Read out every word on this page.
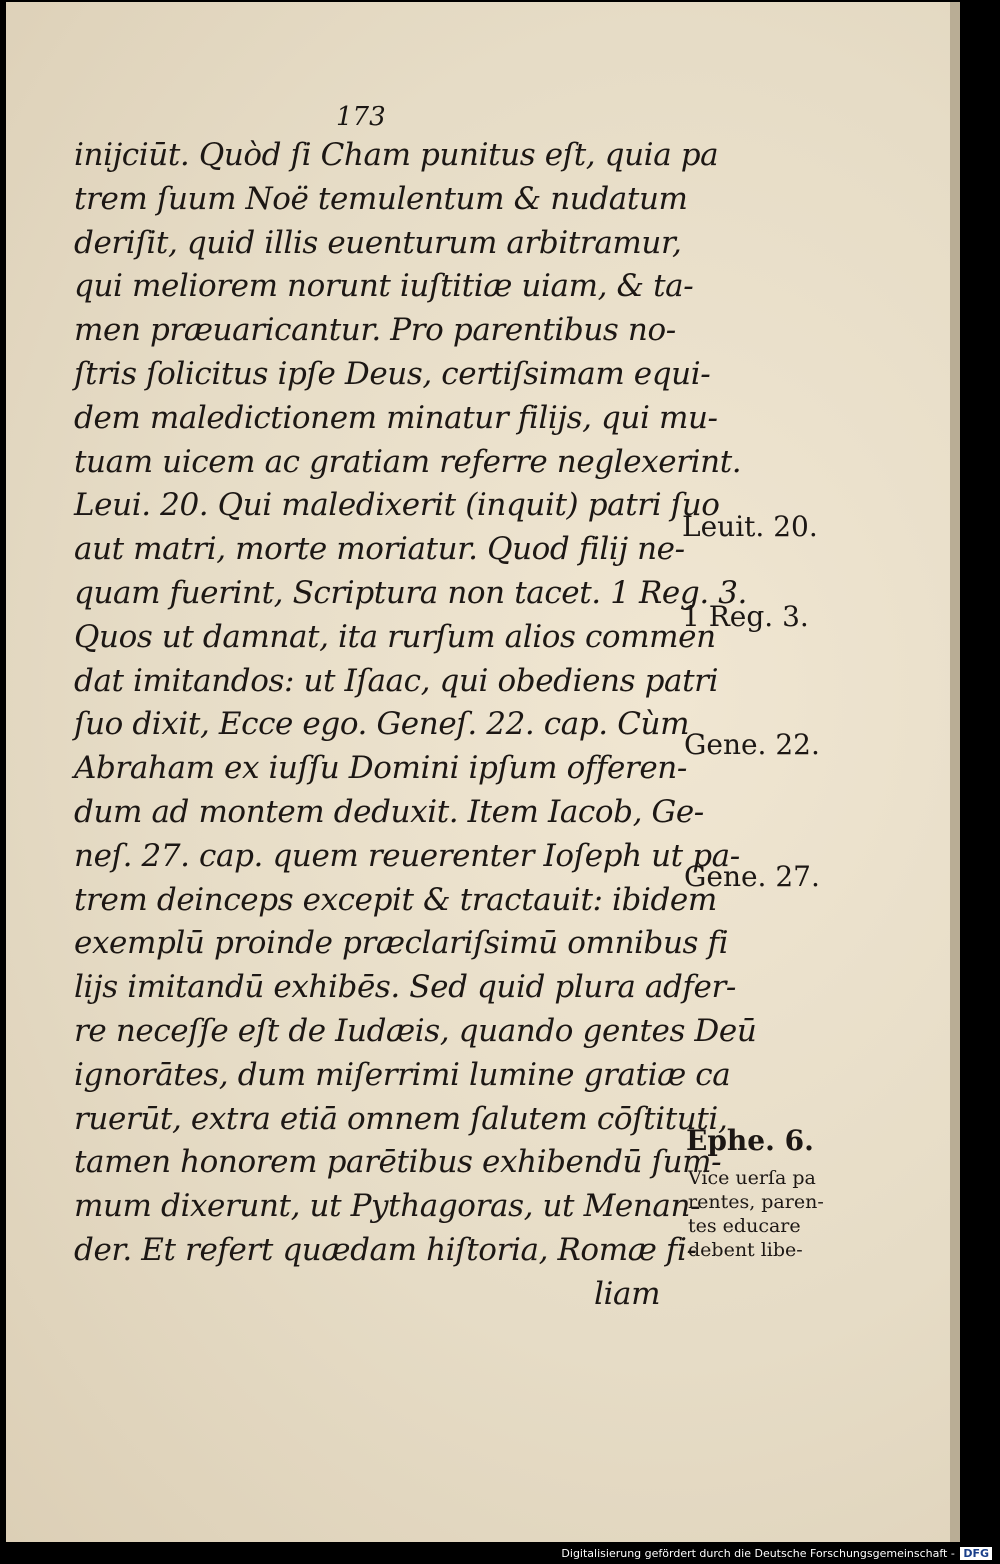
173
inijciūt. Quòd ſi Cham punitus eſt, quia pa
trem ſuum Noë temulentum & nudatum
deriſit, quid illis euenturum arbitramur,
qui meliorem norunt iuſtitiæ uiam, & ta-
men præuaricantur. Pro parentibus no-
ſtris ſolicitus ipſe Deus, certiſsimam equi-
dem maledictionem minatur filijs, qui mu-
tuam uicem ac gratiam referre neglexerint.
Leui. 20. Qui maledixerit (inquit) patri ſuo
aut matri, morte moriatur. Quod filij ne-
quam fuerint, Scriptura non tacet. 1 Reg. 3.
Quos ut damnat, ita rurſum alios commen
dat imitandos: ut Iſaac, qui obediens patri
ſuo dixit, Ecce ego. Geneſ. 22. cap. Cùm
Abraham ex iuſſu Domini ipſum offeren-
dum ad montem deduxit. Item Iacob, Ge-
neſ. 27. cap. quem reuerenter Ioſeph ut pa-
trem deinceps excepit & tractauit: ibidem
exemplū proinde præclariſsimū omnibus fi
lijs imitandū exhibēs. Sed quid plura adfer-
re neceſſe eſt de Iudæis, quando gentes Deū
ignorātes, dum miſerrimi lumine gratiæ ca
ruerūt, extra etiā omnem ſalutem cōſtituti,
tamen honorem parētibus exhibendū ſum-
mum dixerunt, ut Pythagoras, ut Menan-
der. Et refert quædam hiſtoria, Romæ fi-
liam
Leuit. 20.
1 Reg. 3.
Gene. 22.
Gene. 27.
Ephe. 6.
Vice uerſa pa
rentes, paren-
tes educare
debent libe-
Digitalisierung gefördert durch die Deutsche Forschungsgemeinschaft - DFG
